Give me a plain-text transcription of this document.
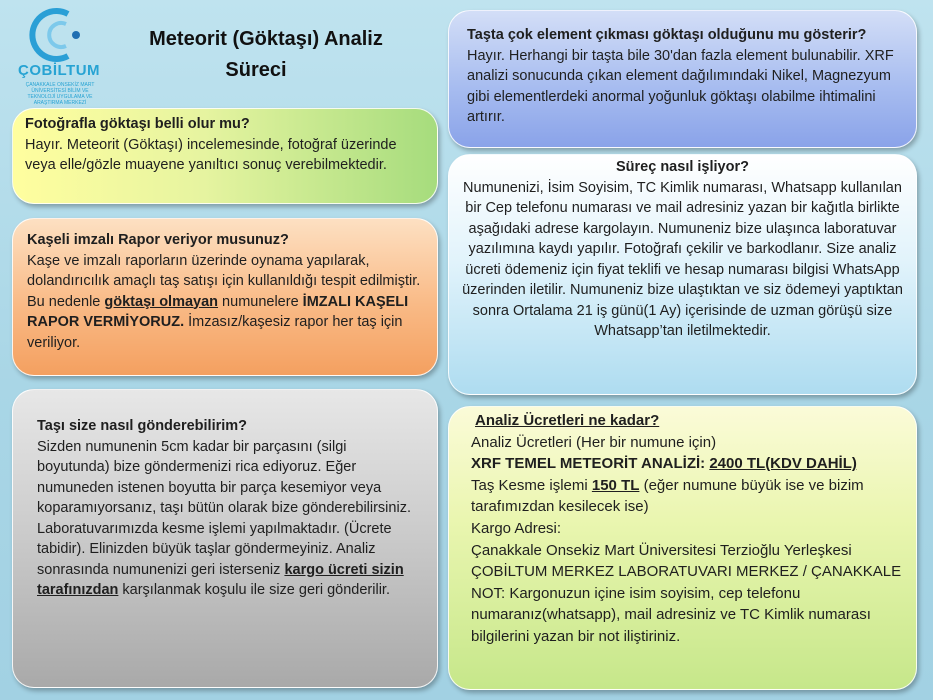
ÇOBİLTUM
ÇANAKKALE ONSEKİZ MART ÜNİVERSİTESİ BİLİM VE TEKNOLOJİ UYGULAMA VE ARAŞTIRMA MERKEZİ
Meteorit (Göktaşı) Analiz
Süreci

Fotoğrafla göktaşı belli olur mu?

Hayır. Meteorit (Göktaşı) incelemesinde, fotoğraf üzerinde veya elle/gözle muayene yanıltıcı sonuç verebilmektedir.

Kaşeli imzalı Rapor veriyor musunuz?

Kaşe ve imzalı raporların üzerinde oynama yapılarak, dolandırıcılık amaçlı taş satışı için kullanıldığı tespit edilmiştir. Bu nedenle göktaşı olmayan numunelere İMZALI KAŞELI RAPOR VERMİYORUZ. İmzasız/kaşesiz rapor her taş için veriliyor.

Taşı size nasıl gönderebilirim?

Sizden numunenin 5cm kadar bir parçasını (silgi boyutunda) bize göndermenizi rica ediyoruz. Eğer numuneden istenen boyutta bir parça kesemiyor veya koparamıyorsanız, taşı bütün olarak bize gönderebilirsiniz. Laboratuvarımızda kesme işlemi yapılmaktadır. (Ücrete tabidir). Elinizden büyük taşlar göndermeyiniz. Analiz sonrasında numunenizi geri isterseniz kargo ücreti sizin tarafınızdan karşılanmak koşulu ile size geri gönderilir.

Taşta çok element çıkması göktaşı olduğunu mu gösterir?

Hayır. Herhangi bir taşta bile 30'dan fazla element bulunabilir. XRF analizi sonucunda çıkan element dağılımındaki Nikel, Magnezyum gibi elementlerdeki anormal yoğunluk göktaşı olabilme ihtimalini artırır.

Süreç nasıl işliyor?

Numunenizi, İsim Soyisim, TC Kimlik numarası, Whatsapp kullanılan bir Cep telefonu numarası ve mail adresiniz yazan bir kağıtla birlikte aşağıdaki adrese kargolayın. Numuneniz bize ulaşınca laboratuvar yazılımına kaydı yapılır. Fotoğrafı çekilir ve barkodlanır. Size analiz ücreti ödemeniz için fiyat teklifi ve hesap numarası bilgisi WhatsApp üzerinden iletilir. Numuneniz bize ulaştıktan ve siz ödemeyi yaptıktan sonra Ortalama 21 iş günü(1 Ay) içerisinde de uzman görüşü size Whatsapp’tan iletilmektedir.

Analiz Ücretleri ne kadar?

Analiz Ücretleri (Her bir numune için)

XRF TEMEL METEORİT ANALİZİ: 2400 TL(KDV DAHİL)

Taş Kesme işlemi 150 TL (eğer numune büyük ise ve bizim tarafımızdan kesilecek ise)

Kargo Adresi:

Çanakkale Onsekiz Mart Üniversitesi Terzioğlu Yerleşkesi ÇOBİLTUM MERKEZ LABORATUVARI MERKEZ / ÇANAKKALE

NOT: Kargonuzun içine isim soyisim, cep telefonu numaranız(whatsapp), mail adresiniz ve TC Kimlik numarası bilgilerini yazan bir not iliştiriniz.
